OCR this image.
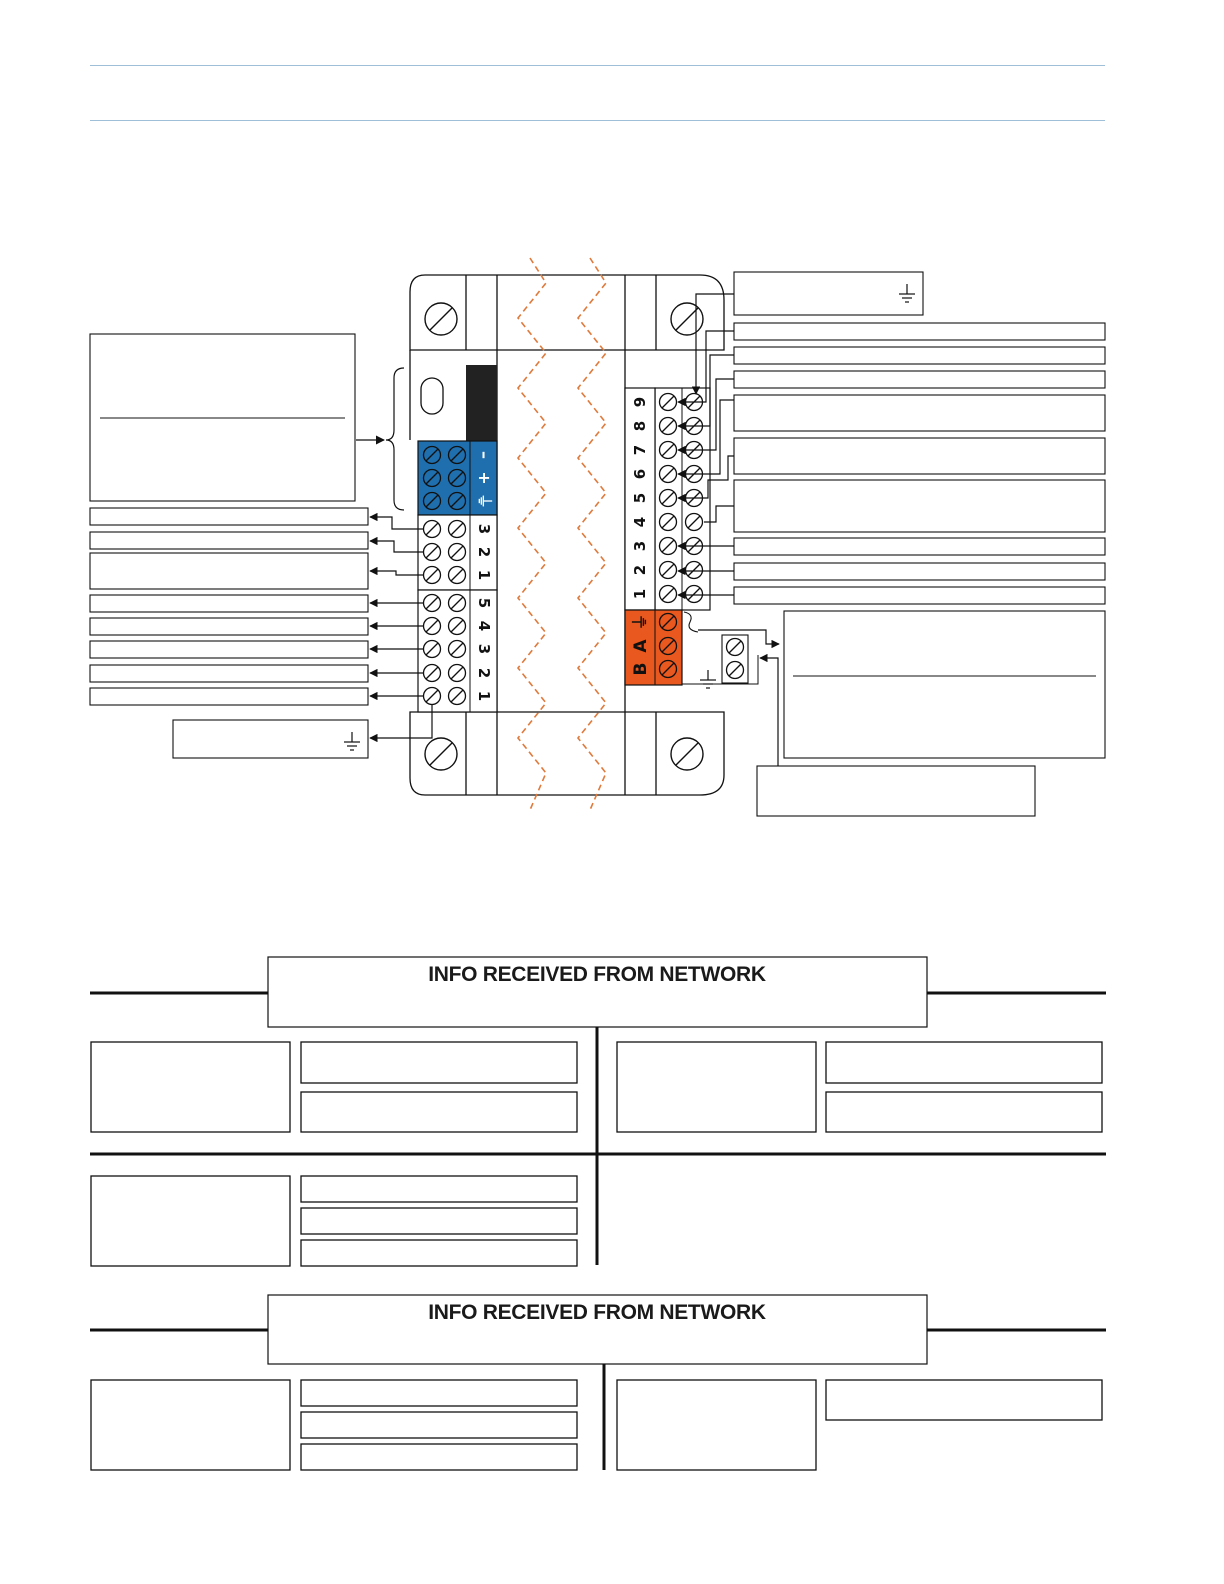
–
+
⏚
3
2
1
5
4
3
2
1
9
8
7
6
5
4
3
2
1
B
A
⏚
INFO RECEIVED FROM NETWORK
INFO RECEIVED FROM NETWORK
